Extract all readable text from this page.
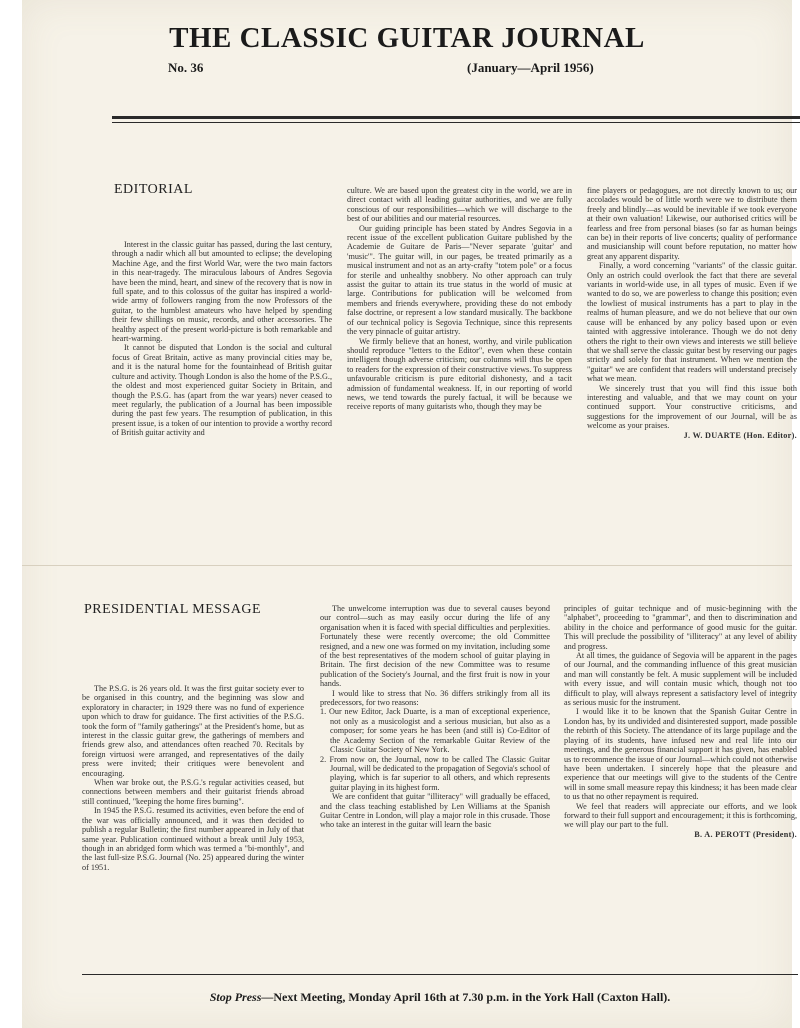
THE CLASSIC GUITAR JOURNAL
No. 36	(January—April 1956)
EDITORIAL

Interest in the classic guitar has passed, during the last century, through a nadir which all but amounted to eclipse; the developing Machine Age, and the first World War, were the two main factors in this near-tragedy. The miraculous labours of Andres Segovia have been the mind, heart, and sinew of the recovery that is now in full spate, and to this colossus of the guitar has inspired a world-wide army of followers ranging from the now Professors of the guitar, to the humblest amateurs who have helped by spending their few shillings on music, records, and other accessories. The healthy aspect of the present world-picture is both remarkable and heart-warming.

It cannot be disputed that London is the social and cultural focus of Great Britain, active as many provincial cities may be, and it is the natural home for the fountainhead of British guitar culture and activity. Though London is also the home of the P.S.G., the oldest and most experienced guitar Society in Britain, and though the P.S.G. has (apart from the war years) never ceased to meet regularly, the publication of a Journal has been impossible during the past few years. The resumption of publication, in this present issue, is a token of our intention to provide a worthy record of British guitar activity and

culture. We are based upon the greatest city in the world, we are in direct contact with all leading guitar authorities, and we are fully conscious of our responsibilities—which we will discharge to the best of our abilities and our material resources.

Our guiding principle has been stated by Andres Segovia in a recent issue of the excellent publication Guitare published by the Academie de Guitare de Paris—"Never separate 'guitar' and 'music'". The guitar will, in our pages, be treated primarily as a musical instrument and not as an arty-crafty "totem pole" or a focus for sterile and unhealthy snobbery. No other approach can truly assist the guitar to attain its true status in the world of music at large. Contributions for publication will be welcomed from members and friends everywhere, providing these do not embody false doctrine, or represent a low standard musically. The backbone of our technical policy is Segovia Technique, since this represents the very pinnacle of guitar artistry.

We firmly believe that an honest, worthy, and virile publication should reproduce "letters to the Editor", even when these contain intelligent though adverse criticism; our columns will thus be open to readers for the expression of their constructive views. To suppress unfavourable criticism is pure editorial dishonesty, and a tacit admission of fundamental weakness. If, in our reporting of world news, we tend towards the purely factual, it will be because we receive reports of many guitarists who, though they may be

fine players or pedagogues, are not directly known to us; our accolades would be of little worth were we to distribute them freely and blindly—as would be inevitable if we took everyone at their own valuation! Likewise, our authorised critics will be fearless and free from personal biases (so far as human beings can be) in their reports of live concerts; quality of performance and musicianship will count before reputation, no matter how great any apparent disparity.

Finally, a word concerning "variants" of the classic guitar. Only an ostrich could overlook the fact that there are several variants in world-wide use, in all types of music. Even if we wanted to do so, we are powerless to change this position; even the lowliest of musical instruments has a part to play in the realms of human pleasure, and we do not believe that our own cause will be enhanced by any policy based upon or even tainted with aggressive intolerance. Though we do not deny others the right to their own views and interests we still believe that we shall serve the classic guitar best by reserving our pages strictly and solely for that instrument. When we mention the "guitar" we are confident that readers will understand precisely what we mean.

We sincerely trust that you will find this issue both interesting and valuable, and that we may count on your continued support. Your constructive criticisms, and suggestions for the improvement of our Journal, will be as welcome as your praises.

J. W. DUARTE (Hon. Editor).

PRESIDENTIAL MESSAGE

The P.S.G. is 26 years old. It was the first guitar society ever to be organised in this country, and the beginning was slow and exploratory in character; in 1929 there was no fund of experience upon which to draw for guidance. The first activities of the P.S.G. took the form of "family gatherings" at the President's home, but as interest in the classic guitar grew, the gatherings of members and friends grew also, and attendances often reached 70. Recitals by foreign virtuosi were arranged, and representatives of the daily press were invited; their critiques were benevolent and encouraging.

When war broke out, the P.S.G.'s regular activities ceased, but connections between members and their guitarist friends abroad still continued, "keeping the home fires burning".

In 1945 the P.S.G. resumed its activities, even before the end of the war was officially announced, and it was then decided to publish a regular Bulletin; the first number appeared in July of that same year. Publication continued without a break until July 1953, though in an abridged form which was termed a "bi-monthly", and the last full-size P.S.G. Journal (No. 25) appeared during the winter of 1951.

The unwelcome interruption was due to several causes beyond our control—such as may easily occur during the life of any organisation when it is faced with special difficulties and perplexities. Fortunately these were recently overcome; the old Committee resigned, and a new one was formed on my invitation, including some of the best representatives of the modern school of guitar playing in Britain. The first decision of the new Committee was to resume publication of the Society's Journal, and the first fruit is now in your hands.

I would like to stress that No. 36 differs strikingly from all its predecessors, for two reasons:

1. Our new Editor, Jack Duarte, is a man of exceptional experience, not only as a musicologist and a serious musician, but also as a composer; for some years he has been (and still is) Co-Editor of the Academy Section of the remarkable Guitar Review of the Classic Guitar Society of New York.

2. From now on, the Journal, now to be called The Classic Guitar Journal, will be dedicated to the propagation of Segovia's school of playing, which is far superior to all others, and which represents guitar playing in its highest form.

We are confident that guitar "illiteracy" will gradually be effaced, and the class teaching established by Len Williams at the Spanish Guitar Centre in London, will play a major role in this crusade. Those who take an interest in the guitar will learn the basic

principles of guitar technique and of music-beginning with the "alphabet", proceeding to "grammar", and then to discrimination and ability in the choice and performance of good music for the guitar. This will preclude the possibility of "illiteracy" at any level of ability and progress.

At all times, the guidance of Segovia will be apparent in the pages of our Journal, and the commanding influence of this great musician and man will constantly be felt. A music supplement will be included with every issue, and will contain music which, though not too difficult to play, will always represent a satisfactory level of integrity as serious music for the instrument.

I would like it to be known that the Spanish Guitar Centre in London has, by its undivided and disinterested support, made possible the rebirth of this Society. The attendance of its large pupilage and the playing of its students, have infused new and real life into our meetings, and the generous financial support it has given, has enabled us to recommence the issue of our Journal—which could not otherwise have been undertaken. I sincerely hope that the pleasure and experience that our meetings will give to the students of the Centre will in some small measure repay this kindness; it has been made clear to us that no other repayment is required.

We feel that readers will appreciate our efforts, and we look forward to their full support and encouragement; it this is forthcoming, we will play our part to the full.

B. A. PEROTT (President).

Stop Press—Next Meeting, Monday April 16th at 7.30 p.m. in the York Hall (Caxton Hall).
